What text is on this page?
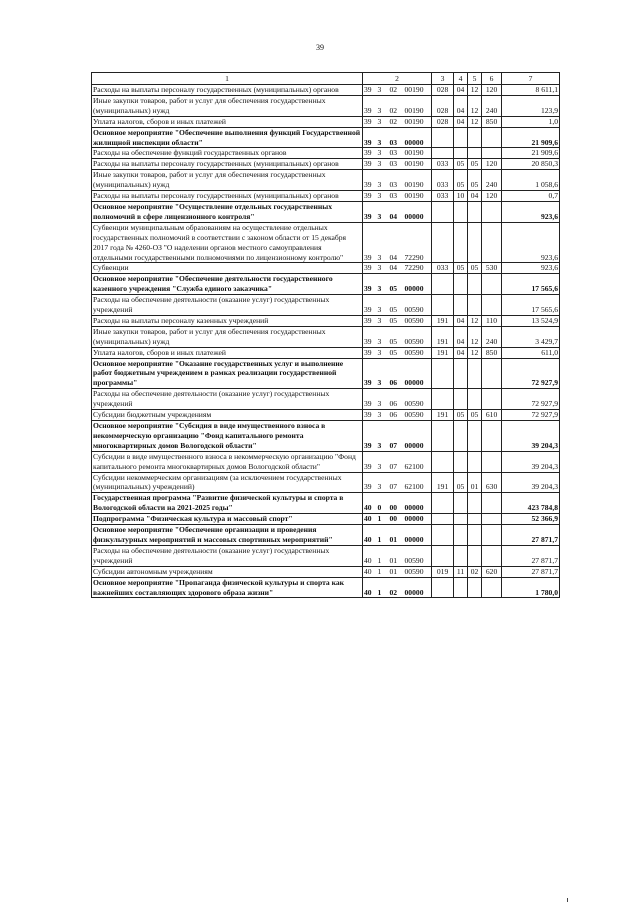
39
1	2				3	4	5	6	7
Расходы на выплаты персоналу государственных (муниципальных) органов	39	3	02	00190	028	04	12	120	8 611,1
Иные закупки товаров, работ и услуг для обеспечения государственных (муниципальных) нужд	39	3	02	00190	028	04	12	240	123,9
Уплата налогов, сборов и иных платежей	39	3	02	00190	028	04	12	850	1,0
Основное мероприятие "Обеспечение выполнения функций Государственной жилищной инспекции области"	39	3	03	00000					21 909,6
Расходы на обеспечение функций государственных органов	39	3	03	00190					21 909,6
Расходы на выплаты персоналу государственных (муниципальных) органов	39	3	03	00190	033	05	05	120	20 850,3
Иные закупки товаров, работ и услуг для обеспечения государственных (муниципальных) нужд	39	3	03	00190	033	05	05	240	1 058,6
Расходы на выплаты персоналу государственных (муниципальных) органов	39	3	03	00190	033	10	04	120	0,7
Основное мероприятие "Осуществление отдельных государственных полномочий в сфере лицензионного контроля"	39	3	04	00000					923,6
Субвенции муниципальным образованиям на осуществление отдельных государственных полномочий в соответствии с законом области от 15 декабря 2017 года № 4260-ОЗ "О наделении органов местного самоуправления отдельными государственными полномочиями по лицензионному контролю"	39	3	04	72290					923,6
Субвенции	39	3	04	72290	033	05	05	530	923,6
Основное мероприятие "Обеспечение деятельности государственного казенного учреждения "Служба единого заказчика"	39	3	05	00000					17 565,6
Расходы на обеспечение деятельности (оказание услуг) государственных учреждений	39	3	05	00590					17 565,6
Расходы на выплаты персоналу казенных учреждений	39	3	05	00590	191	04	12	110	13 524,9
Иные закупки товаров, работ и услуг для обеспечения государственных (муниципальных) нужд	39	3	05	00590	191	04	12	240	3 429,7
Уплата налогов, сборов и иных платежей	39	3	05	00590	191	04	12	850	611,0
Основное мероприятие "Оказание государственных услуг и выполнение работ бюджетным учреждением в рамках реализации государственной программы"	39	3	06	00000					72 927,9
Расходы на обеспечение деятельности (оказание услуг) государственных учреждений	39	3	06	00590					72 927,9
Субсидии бюджетным учреждениям	39	3	06	00590	191	05	05	610	72 927,9
Основное мероприятие "Субсидия в виде имущественного взноса в некоммерческую организацию "Фонд капитального ремонта многоквартирных домов Вологодской области"	39	3	07	00000					39 204,3
Субсидии в виде имущественного взноса в некоммерческую организацию "Фонд капитального ремонта многоквартирных домов Вологодской области"	39	3	07	62100					39 204,3
Субсидии некоммерческим организациям (за исключением государственных (муниципальных) учреждений)	39	3	07	62100	191	05	01	630	39 204,3
Государственная программа "Развитие физической культуры и спорта в Вологодской области на 2021-2025 годы"	40	0	00	00000					423 784,8
Подпрограмма "Физическая культура и массовый спорт"	40	1	00	00000					52 366,9
Основное мероприятие "Обеспечение организации и проведения физкультурных мероприятий и массовых спортивных мероприятий"	40	1	01	00000					27 871,7
Расходы на обеспечение деятельности (оказание услуг) государственных учреждений	40	1	01	00590					27 871,7
Субсидии автономным учреждениям	40	1	01	00590	019	11	02	620	27 871,7
Основное мероприятие "Пропаганда физической культуры и спорта как важнейших составляющих здорового образа жизни"	40	1	02	00000					1 780,0
